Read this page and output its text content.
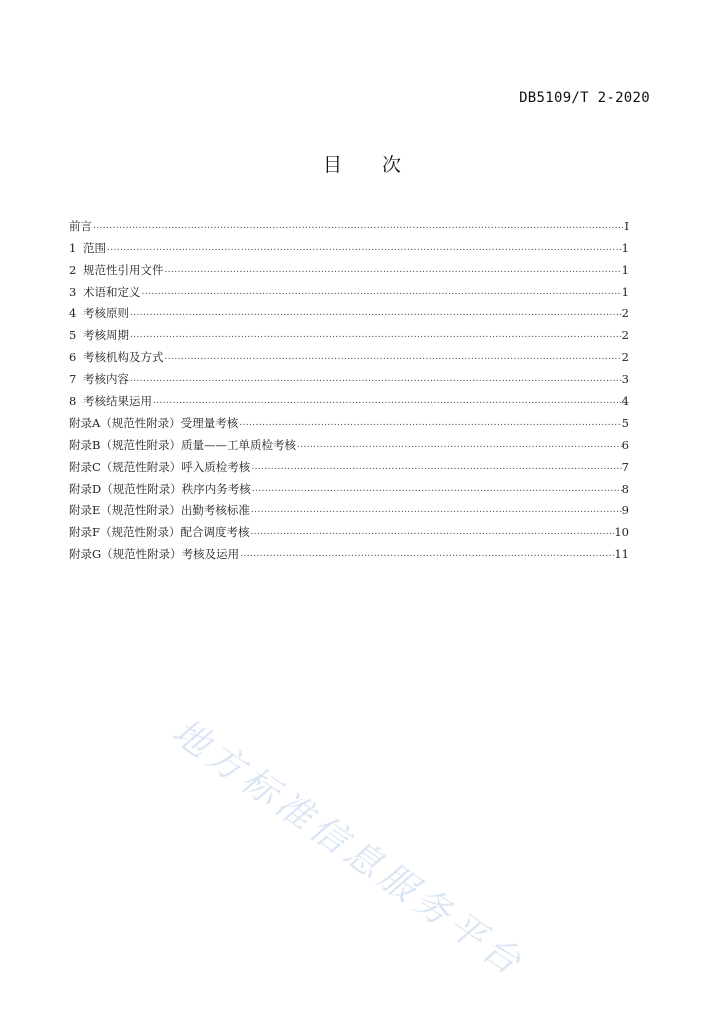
DB5109/T 2-2020
目次
前言 .....	I
1 范围 .....	1
2 规范性引用文件 .....	1
3 术语和定义 .....	1
4 考核原则 .....	2
5 考核周期 .....	2
6 考核机构及方式 .....	2
7 考核内容 .....	3
8 考核结果运用 .....	4
附录A（规范性附录）受理量考核 .....	5
附录B（规范性附录）质量——工单质检考核 .....	6
附录C（规范性附录）呼入质检考核 .....	7
附录D（规范性附录）秩序内务考核 .....	8
附录E（规范性附录）出勤考核标准 .....	9
附录F（规范性附录）配合调度考核 .....	10
附录G（规范性附录）考核及运用 .....	11
地方标准信息服务平台
